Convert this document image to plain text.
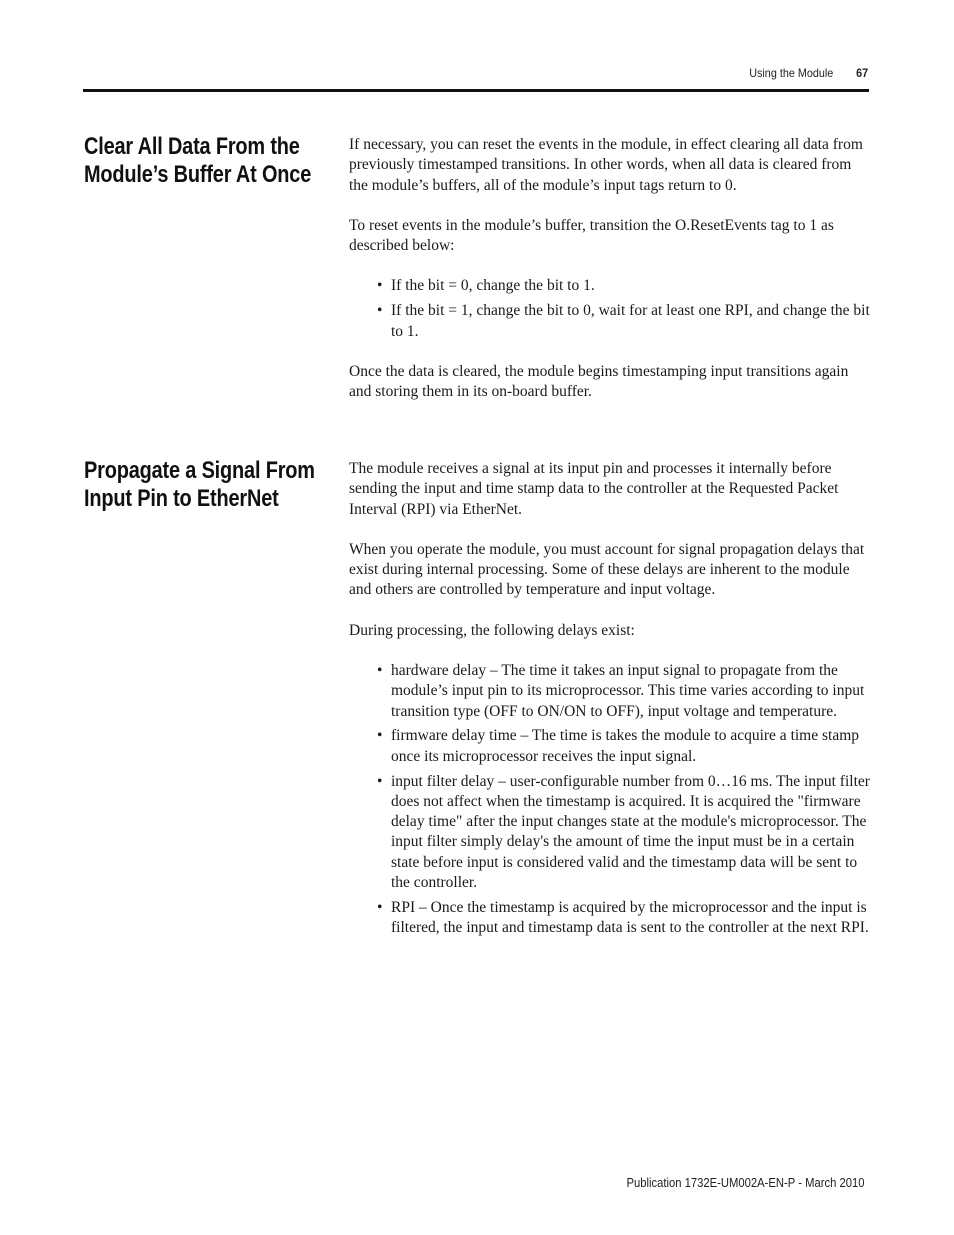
Using the Module 67
Clear All Data From the
Module’s Buffer At Once

If necessary, you can reset the events in the module, in effect clearing all data from previously timestamped transitions. In other words, when all data is cleared from the module’s buffers, all of the module’s input tags return to 0.

To reset events in the module’s buffer, transition the O.ResetEvents tag to 1 as described below:

• If the bit = 0, change the bit to 1.
• If the bit = 1, change the bit to 0, wait for at least one RPI, and change the bit to 1.

Once the data is cleared, the module begins timestamping input transitions again and storing them in its on-board buffer.

Propagate a Signal From
Input Pin to EtherNet

The module receives a signal at its input pin and processes it internally before sending the input and time stamp data to the controller at the Requested Packet Interval (RPI) via EtherNet.

When you operate the module, you must account for signal propagation delays that exist during internal processing. Some of these delays are inherent to the module and others are controlled by temperature and input voltage.

During processing, the following delays exist:

• hardware delay – The time it takes an input signal to propagate from the module’s input pin to its microprocessor. This time varies according to input transition type (OFF to ON/ON to OFF), input voltage and temperature.
• firmware delay time – The time is takes the module to acquire a time stamp once its microprocessor receives the input signal.
• input filter delay – user-configurable number from 0…16 ms. The input filter does not affect when the timestamp is acquired. It is acquired the "firmware delay time" after the input changes state at the module's microprocessor. The input filter simply delay's the amount of time the input must be in a certain state before input is considered valid and the timestamp data will be sent to the controller.
• RPI – Once the timestamp is acquired by the microprocessor and the input is filtered, the input and timestamp data is sent to the controller at the next RPI.
Publication 1732E-UM002A-EN-P - March 2010
